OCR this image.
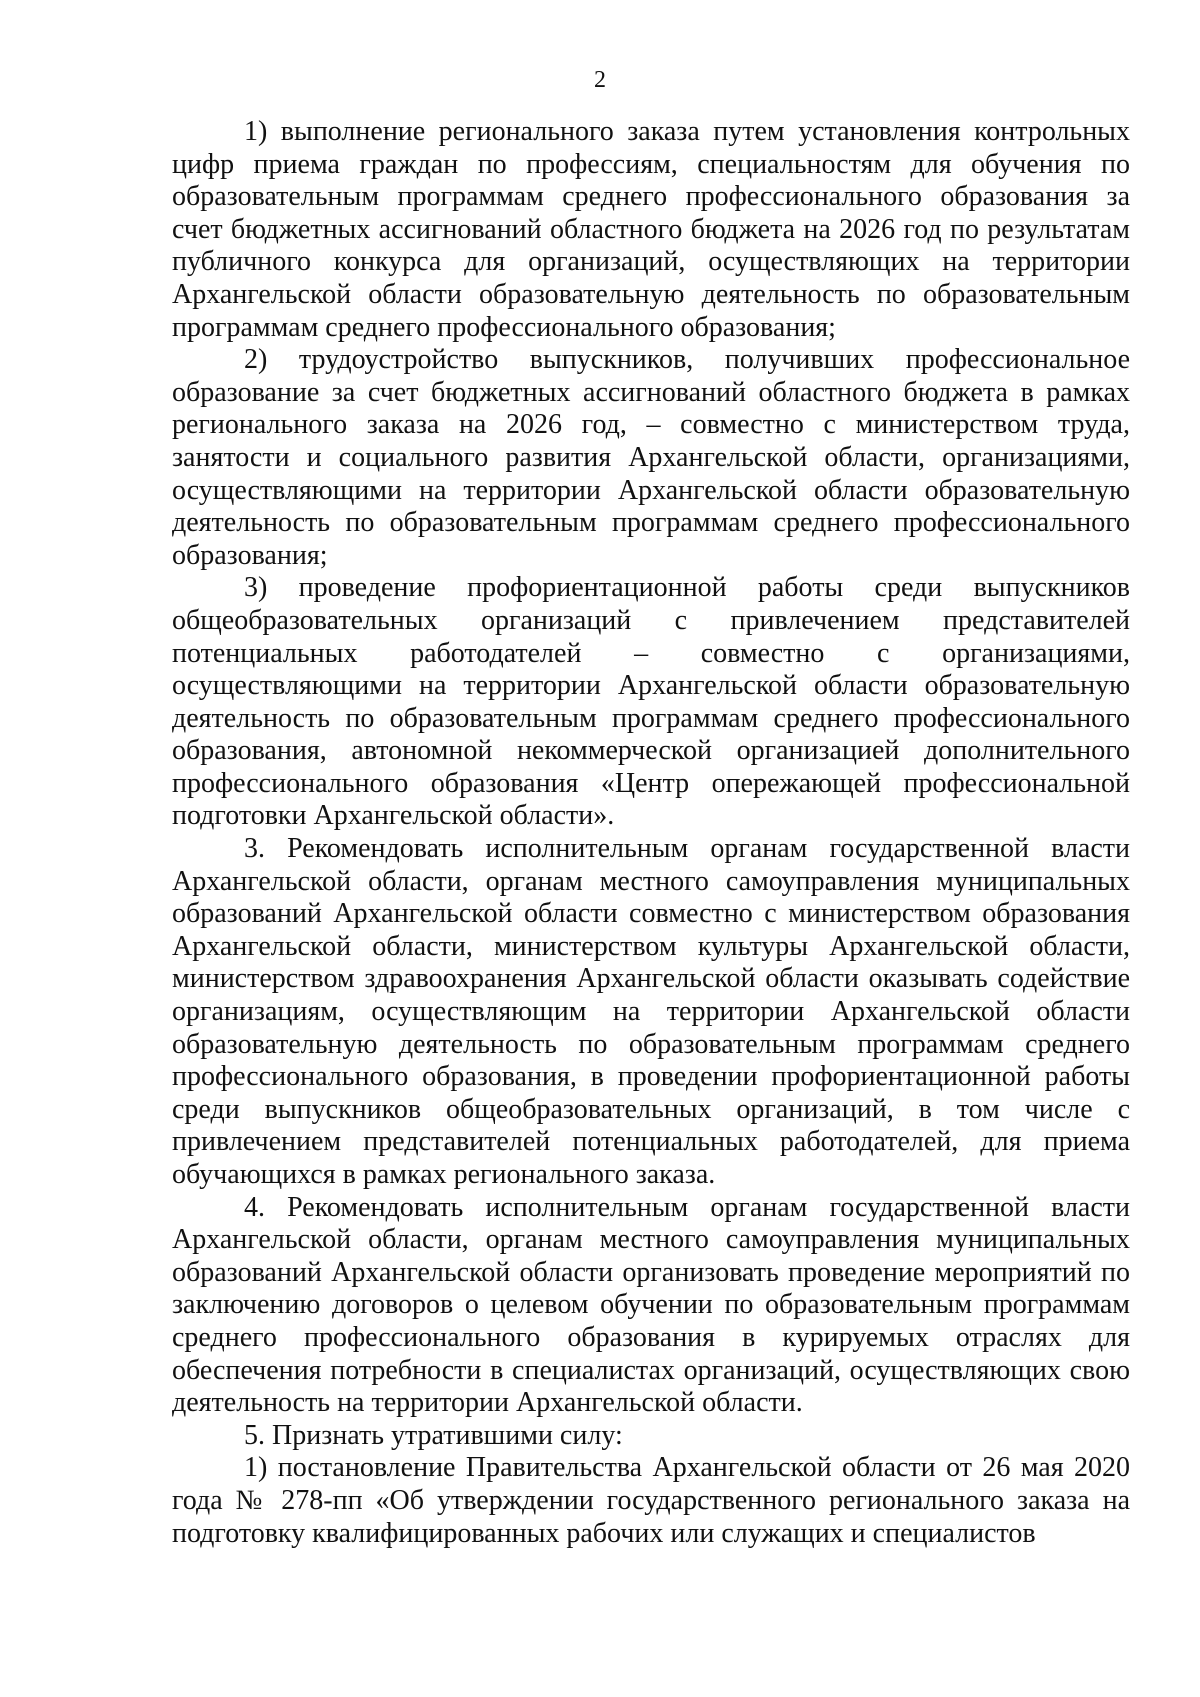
2

1) выполнение регионального заказа путем установления контрольных цифр приема граждан по профессиям, специальностям для обучения по образовательным программам среднего профессионального образования за счет бюджетных ассигнований областного бюджета на 2026 год по результатам публичного конкурса для организаций, осуществляющих на территории Архангельской области образовательную деятельность по образовательным программам среднего профессионального образования;

2) трудоустройство выпускников, получивших профессиональное образование за счет бюджетных ассигнований областного бюджета в рамках регионального заказа на 2026 год, – совместно с министерством труда, занятости и социального развития Архангельской области, организациями, осуществляющими на территории Архангельской области образовательную деятельность по образовательным программам среднего профессионального образования;

3) проведение профориентационной работы среди выпускников общеобразовательных организаций с привлечением представителей потенциальных работодателей – совместно с организациями, осуществляющими на территории Архангельской области образовательную деятельность по образовательным программам среднего профессионального образования, автономной некоммерческой организацией дополнительного профессионального образования «Центр опережающей профессиональной подготовки Архангельской области».

3. Рекомендовать исполнительным органам государственной власти Архангельской области, органам местного самоуправления муниципальных образований Архангельской области совместно с министерством образования Архангельской области, министерством культуры Архангельской области, министерством здравоохранения Архангельской области оказывать содействие организациям, осуществляющим на территории Архангельской области образовательную деятельность по образовательным программам среднего профессионального образования, в проведении профориентационной работы среди выпускников общеобразовательных организаций, в том числе с привлечением представителей потенциальных работодателей, для приема обучающихся в рамках регионального заказа.

4. Рекомендовать исполнительным органам государственной власти Архангельской области, органам местного самоуправления муниципальных образований Архангельской области организовать проведение мероприятий по заключению договоров о целевом обучении по образовательным программам среднего профессионального образования в курируемых отраслях для обеспечения потребности в специалистах организаций, осуществляющих свою деятельность на территории Архангельской области.

5. Признать утратившими силу:

1) постановление Правительства Архангельской области от 26 мая 2020 года № 278-пп «Об утверждении государственного регионального заказа на подготовку квалифицированных рабочих или служащих и специалистов
